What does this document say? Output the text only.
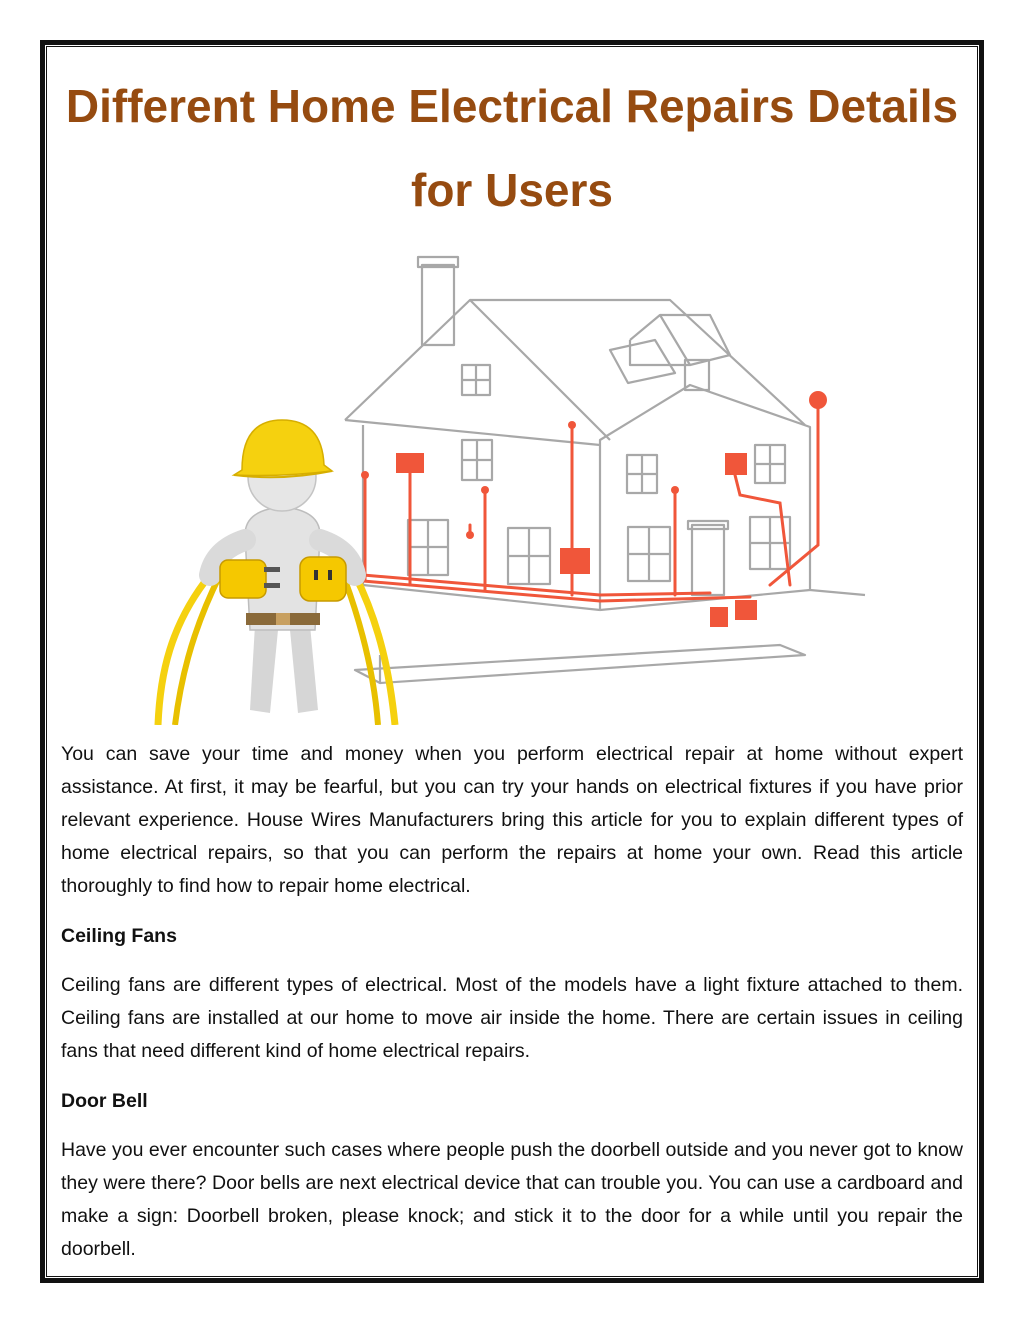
Different Home Electrical Repairs Details for Users

You can save your time and money when you perform electrical repair at home without expert assistance. At first, it may be fearful, but you can try your hands on electrical fixtures if you have prior relevant experience. House Wires Manufacturers bring this article for you to explain different types of home electrical repairs, so that you can perform the repairs at home your own. Read this article thoroughly to find how to repair home electrical.

Ceiling Fans

Ceiling fans are different types of electrical. Most of the models have a light fixture attached to them. Ceiling fans are installed at our home to move air inside the home. There are certain issues in ceiling fans that need different kind of home electrical repairs.

Door Bell

Have you ever encounter such cases where people push the doorbell outside and you never got to know they were there? Door bells are next electrical device that can trouble you. You can use a cardboard and make a sign: Doorbell broken, please knock; and stick it to the door for a while until you repair the doorbell.
